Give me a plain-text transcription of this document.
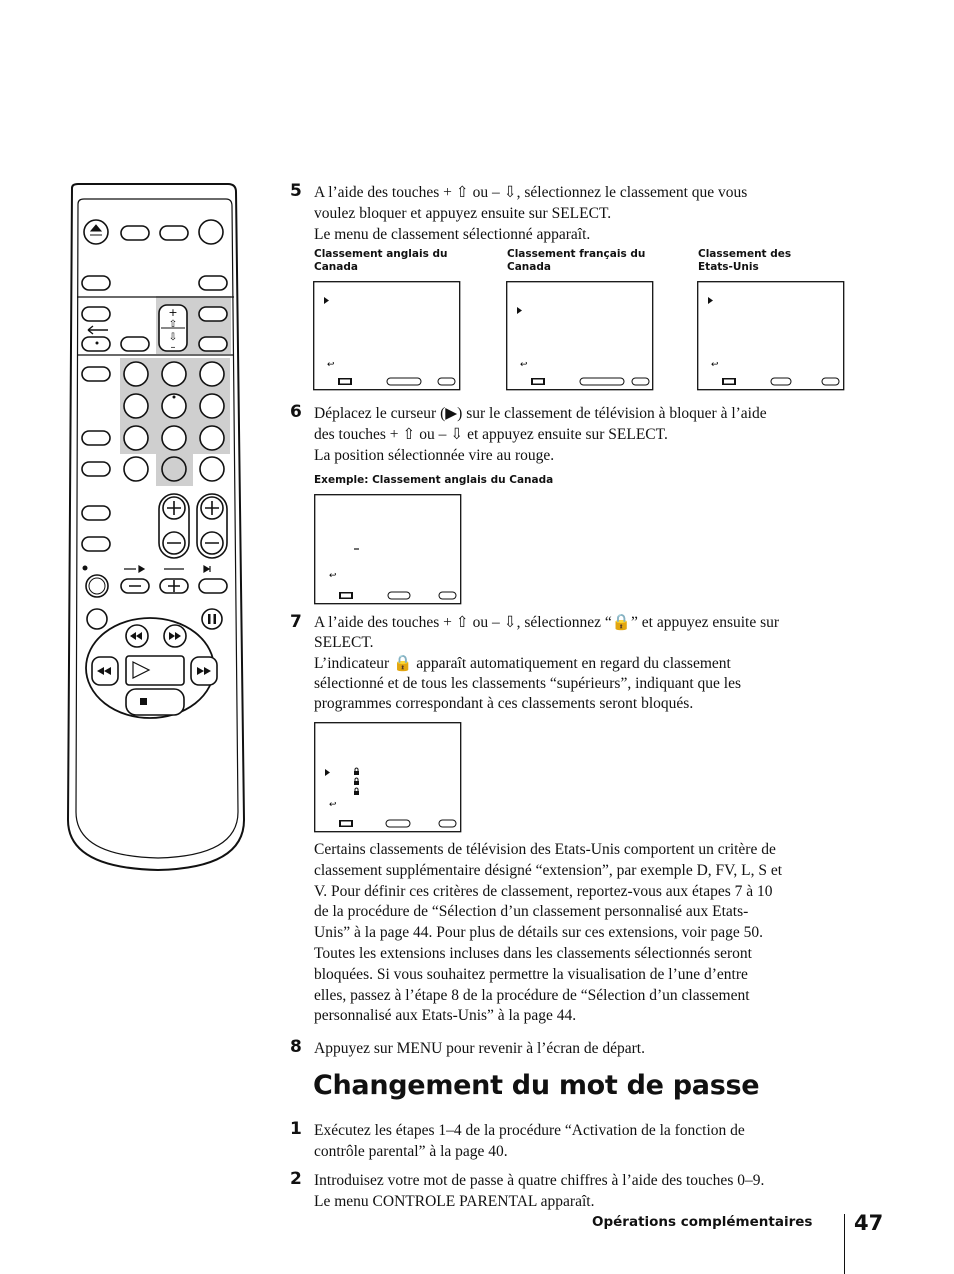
+
⇧
⇩
–
5 A l’aide des touches + ⇧ ou – ⇩, sélectionnez le classement que vous

voulez bloquer et appuyez ensuite sur SELECT.

Le menu de classement sélectionné apparaît.

Classement anglais du
Canada
Classement français du
Canada
Classement des
Etats-Unis
↩	↩	↩
6 Déplacez le curseur (▶) sur le classement de télévision à bloquer à l’aide

des touches + ⇧ ou – ⇩ et appuyez ensuite sur SELECT.

La position sélectionnée vire au rouge.

Exemple: Classement anglais du Canada
↩
7 A l’aide des touches + ⇧ ou – ⇩, sélectionnez “🔒” et appuyez ensuite sur

SELECT.

L’indicateur 🔒 apparaît automatiquement en regard du classement

sélectionné et de tous les classements “supérieurs”, indiquant que les

programmes correspondant à ces classements seront bloqués.

↩

Certains classements de télévision des Etats-Unis comportent un critère de

classement supplémentaire désigné “extension”, par exemple D, FV, L, S et

V. Pour définir ces critères de classement, reportez-vous aux étapes 7 à 10

de la procédure de “Sélection d’un classement personnalisé aux Etats-

Unis” à la page 44. Pour plus de détails sur ces extensions, voir page 50.

Toutes les extensions incluses dans les classements sélectionnés seront

bloquées. Si vous souhaitez permettre la visualisation de l’une d’entre

elles, passez à l’étape 8 de la procédure de “Sélection d’un classement

personnalisé aux Etats-Unis” à la page 44.

8 Appuyez sur MENU pour revenir à l’écran de départ.
Changement du mot de passe
1 Exécutez les étapes 1–4 de la procédure “Activation de la fonction de

contrôle parental” à la page 40.

2 Introduisez votre mot de passe à quatre chiffres à l’aide des touches 0–9.

Le menu CONTROLE PARENTAL apparaît.

Opérations complémentaires 47
